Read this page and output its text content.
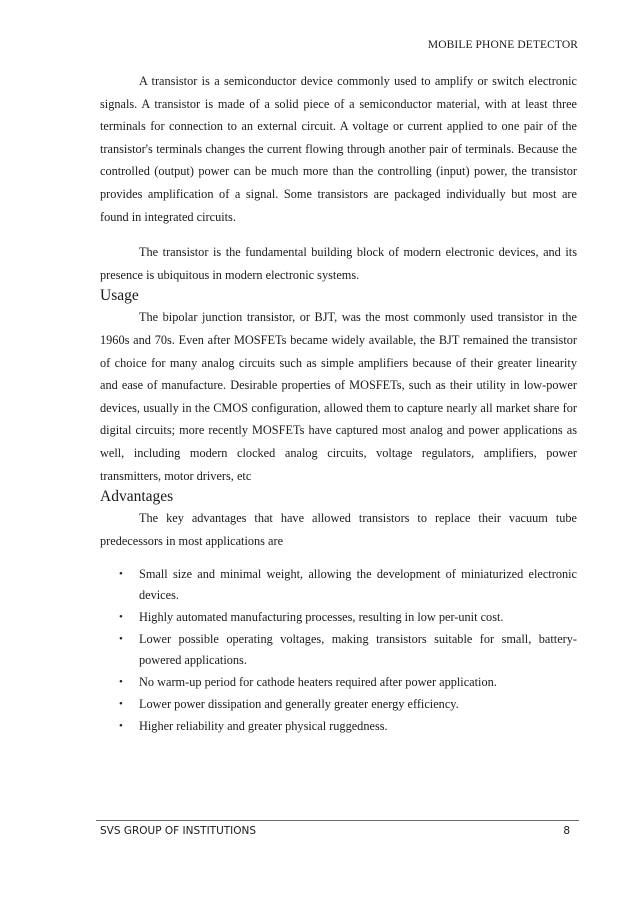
MOBILE PHONE DETECTOR

A transistor is a semiconductor device commonly used to amplify or switch electronic signals. A transistor is made of a solid piece of a semiconductor material, with at least three terminals for connection to an external circuit. A voltage or current applied to one pair of the transistor's terminals changes the current flowing through another pair of terminals. Because the controlled (output) power can be much more than the controlling (input) power, the transistor provides amplification of a signal. Some transistors are packaged individually but most are found in integrated circuits.

The transistor is the fundamental building block of modern electronic devices, and its presence is ubiquitous in modern electronic systems.

Usage

The bipolar junction transistor, or BJT, was the most commonly used transistor in the 1960s and 70s. Even after MOSFETs became widely available, the BJT remained the transistor of choice for many analog circuits such as simple amplifiers because of their greater linearity and ease of manufacture. Desirable properties of MOSFETs, such as their utility in low-power devices, usually in the CMOS configuration, allowed them to capture nearly all market share for digital circuits; more recently MOSFETs have captured most analog and power applications as well, including modern clocked analog circuits, voltage regulators, amplifiers, power transmitters, motor drivers, etc

Advantages

The key advantages that have allowed transistors to replace their vacuum tube predecessors in most applications are

• Small size and minimal weight, allowing the development of miniaturized electronic devices.
• Highly automated manufacturing processes, resulting in low per-unit cost.
• Lower possible operating voltages, making transistors suitable for small, battery-powered applications.
• No warm-up period for cathode heaters required after power application.
• Lower power dissipation and generally greater energy efficiency.
• Higher reliability and greater physical ruggedness.
SVS GROUP OF INSTITUTIONS	8
